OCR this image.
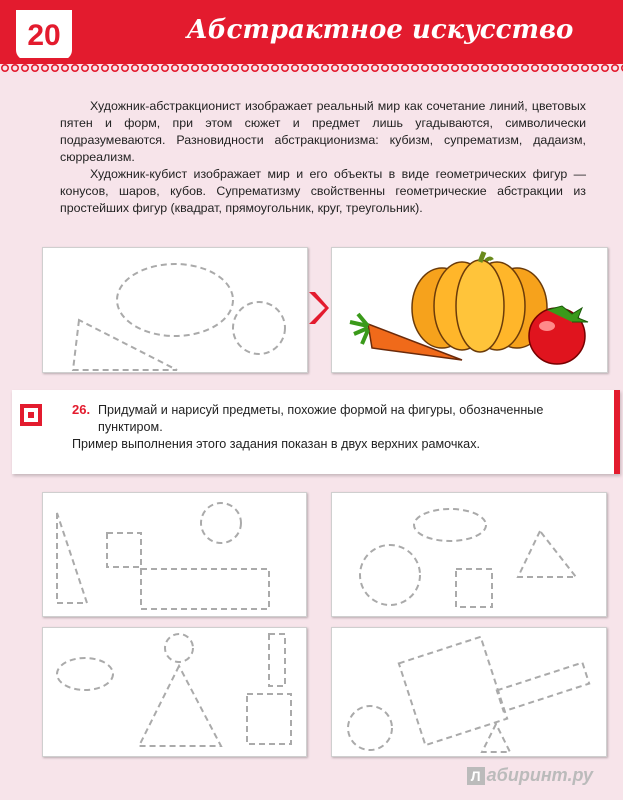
20	Абстрактное искусство

Художник-абстракционист изображает реальный мир как сочетание линий, цветовых пятен и форм, при этом сюжет и предмет лишь угадываются, символически подразумеваются. Разновидности абстракционизма: кубизм, супрематизм, дадаизм, сюрреализм.

Художник-кубист изображает мир и его объекты в виде геометрических фигур — конусов, шаров, кубов. Супрематизму свойственны геометрические абстракции из простейших фигур (квадрат, прямоугольник, круг, треугольник).

26. Придумай и нарисуй предметы, похожие формой на фигуры, обозначенные пунктиром.
Пример выполнения этого задания показан в двух верхних рамочках.
Л абиринт.ру
